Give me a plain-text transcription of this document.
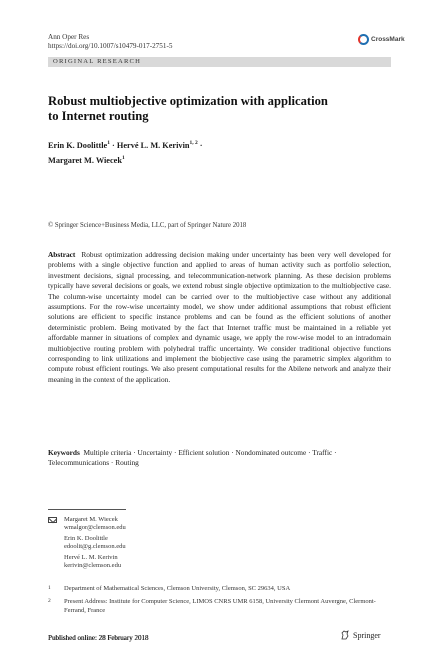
Ann Oper Res
https://doi.org/10.1007/s10479-017-2751-5
CrossMark
ORIGINAL RESEARCH
Robust multiobjective optimization with application
to Internet routing
Erin K. Doolittle$^1$ · Hervé L. M. Kerivin$^{1, 2}$ ·
Margaret M. Wiecek$^1$
© Springer Science+Business Media, LLC, part of Springer Nature 2018
Abstract Robust optimization addressing decision making under uncertainty has been very well developed for problems with a single objective function and applied to areas of human activity such as portfolio selection, investment decisions, signal processing, and telecommunication-network planning. As these decision problems typically have several decisions or goals, we extend robust single objective optimization to the multiobjective case. The column-wise uncertainty model can be carried over to the multiobjective case without any additional assumptions. For the row-wise uncertainty model, we show under additional assumptions that robust efficient solutions are efficient to specific instance problems and can be found as the efficient solutions of another deterministic problem. Being motivated by the fact that Internet traffic must be maintained in a reliable yet affordable manner in situations of complex and dynamic usage, we apply the row-wise model to an intradomain multiobjective routing problem with polyhedral traffic uncertainty. We consider traditional objective functions corresponding to link utilizations and implement the biobjective case using the parametric simplex algorithm to compute robust efficient routings. We also present computational results for the Abilene network and analyze their meaning in the context of the application.
Keywords Multiple criteria · Uncertainty · Efficient solution · Nondominated outcome · Traffic · Telecommunications · Routing
Margaret M. Wiecek
wmalgor@clemson.edu
Erin K. Doolittle
edoolit@g.clemson.edu
Hervé L. M. Kerivin
kerivin@clemson.edu
1 Department of Mathematical Sciences, Clemson University, Clemson, SC 29634, USA
2 Present Address: Institute for Computer Science, LIMOS CNRS UMR 6158, University Clermont Auvergne, Clermont-Ferrand, France
Published online: 28 February 2018	Springer
